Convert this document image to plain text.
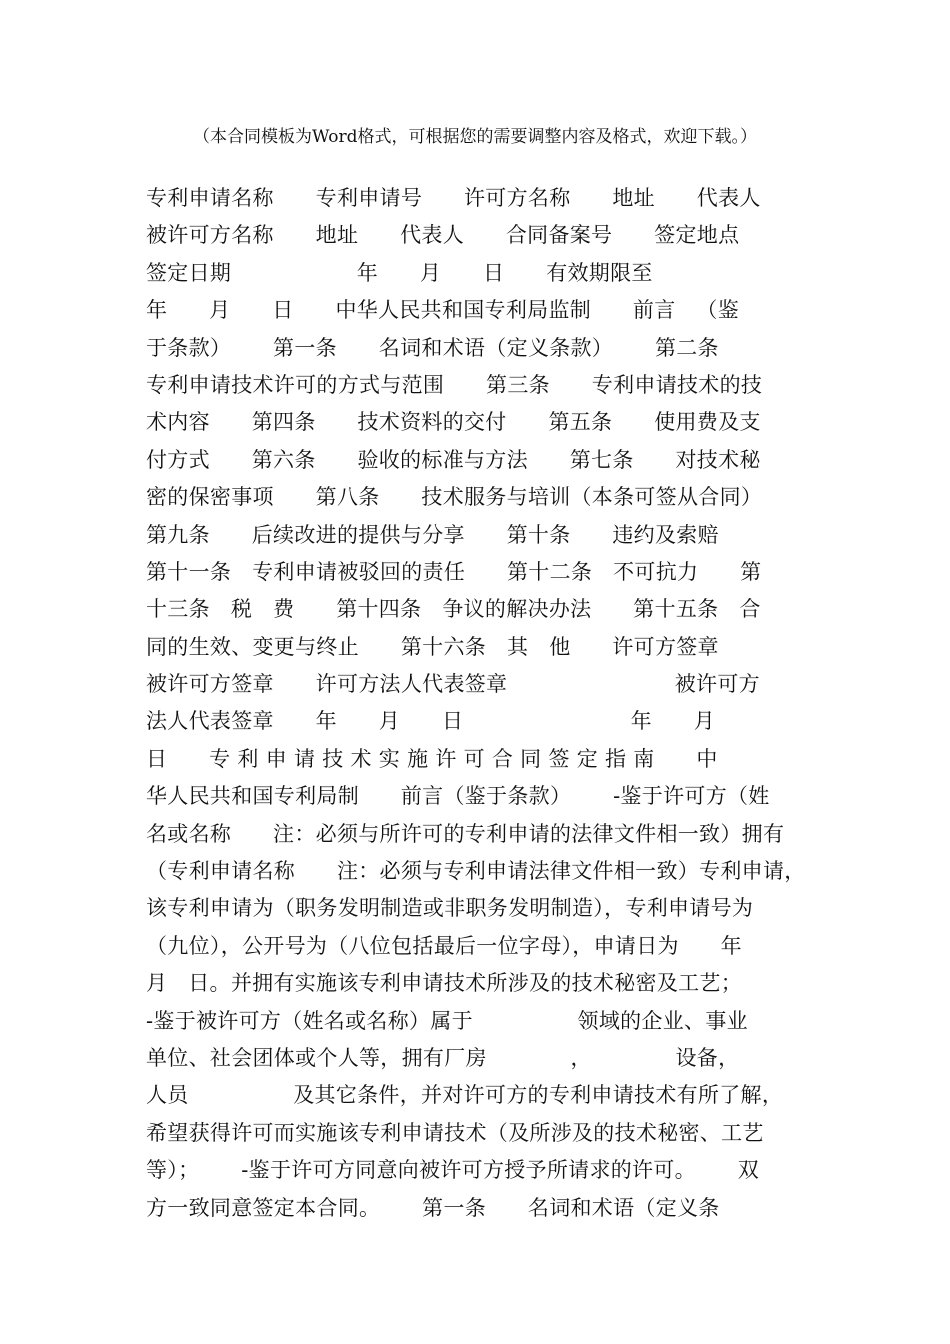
（本合同模板为Word格式，可根据您的需要调整内容及格式，欢迎下载。）
专利申请名称      专利申请号      许可方名称      地址      代表人
被许可方名称      地址      代表人      合同备案号      签定地点
签定日期                  年      月      日      有效期限至
年      月      日      中华人民共和国专利局监制      前言   （鉴
于条款）      第一条      名词和术语（定义条款）      第二条
专利申请技术许可的方式与范围      第三条      专利申请技术的技
术内容      第四条      技术资料的交付      第五条      使用费及支
付方式      第六条      验收的标准与方法      第七条      对技术秘
密的保密事项      第八条      技术服务与培训（本条可签从合同）
第九条      后续改进的提供与分享      第十条      违约及索赔
第十一条   专利申请被驳回的责任      第十二条   不可抗力      第
十三条   税   费      第十四条   争议的解决办法      第十五条   合
同的生效、变更与终止      第十六条   其   他      许可方签章
被许可方签章      许可方法人代表签章                        被许可方
法人代表签章      年      月      日                        年      月
日      专 利 申 请 技 术 实 施 许 可 合 同 签 定 指 南      中
华人民共和国专利局制      前言（鉴于条款）      -鉴于许可方（姓
名或名称      注：必须与所许可的专利申请的法律文件相一致）拥有
（专利申请名称      注：必须与专利申请法律文件相一致）专利申请，
该专利申请为（职务发明制造或非职务发明制造），专利申请号为
（九位），公开号为（八位包括最后一位字母），申请日为      年
月   日。并拥有实施该专利申请技术所涉及的技术秘密及工艺；
-鉴于被许可方（姓名或名称）属于               领域的企业、事业
单位、社会团体或个人等，拥有厂房            ，            设备，
人员               及其它条件，并对许可方的专利申请技术有所了解，
希望获得许可而实施该专利申请技术（及所涉及的技术秘密、工艺
等）；      -鉴于许可方同意向被许可方授予所请求的许可。      双
方一致同意签定本合同。      第一条      名词和术语（定义条
